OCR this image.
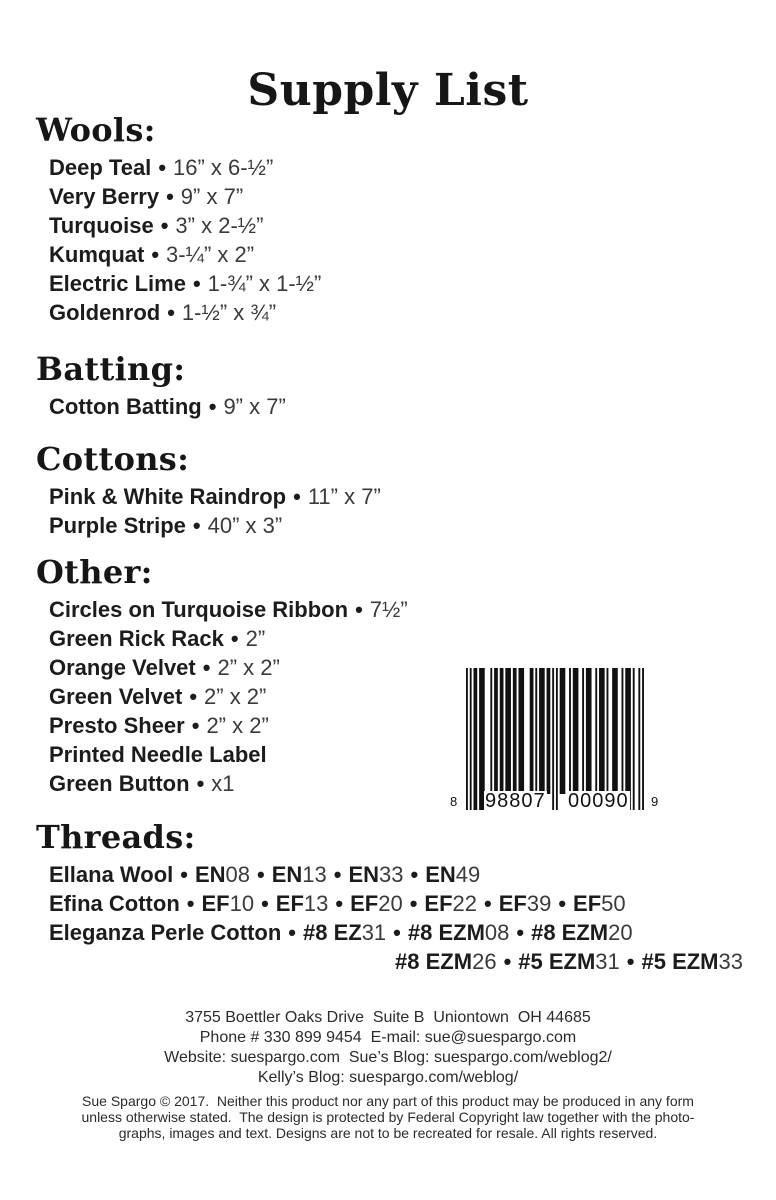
Supply List
Wools:
Deep Teal • 16” x 6-½”
Very Berry • 9” x 7”
Turquoise • 3” x 2-½”
Kumquat • 3-¼” x 2”
Electric Lime • 1-¾” x 1-½”
Goldenrod • 1-½” x ¾”
Batting:
Cotton Batting • 9” x 7”
Cottons:
Pink & White Raindrop • 11” x 7”
Purple Stripe • 40” x 3”
Other:
Circles on Turquoise Ribbon • 7½”
Green Rick Rack • 2”
Orange Velvet • 2” x 2”
Green Velvet • 2” x 2”
Presto Sheer • 2” x 2”
Printed Needle Label
Green Button • x1
Threads:
Ellana Wool • EN08 • EN13 • EN33 • EN49
Efina Cotton • EF10 • EF13 • EF20 • EF22 • EF39 • EF50
Eleganza Perle Cotton • #8 EZ31 • #8 EZM08 • #8 EZM20
#8 EZM26 • #5 EZM31 • #5 EZM33
8 98807 00090 9
3755 Boettler Oaks Drive  Suite B  Uniontown  OH 44685
Phone # 330 899 9454  E-mail: sue@suespargo.com
Website: suespargo.com  Sue’s Blog: suespargo.com/weblog2/
Kelly’s Blog: suespargo.com/weblog/
Sue Spargo © 2017.  Neither this product nor any part of this product may be produced in any form
unless otherwise stated.  The design is protected by Federal Copyright law together with the photo-
graphs, images and text. Designs are not to be recreated for resale. All rights reserved.
